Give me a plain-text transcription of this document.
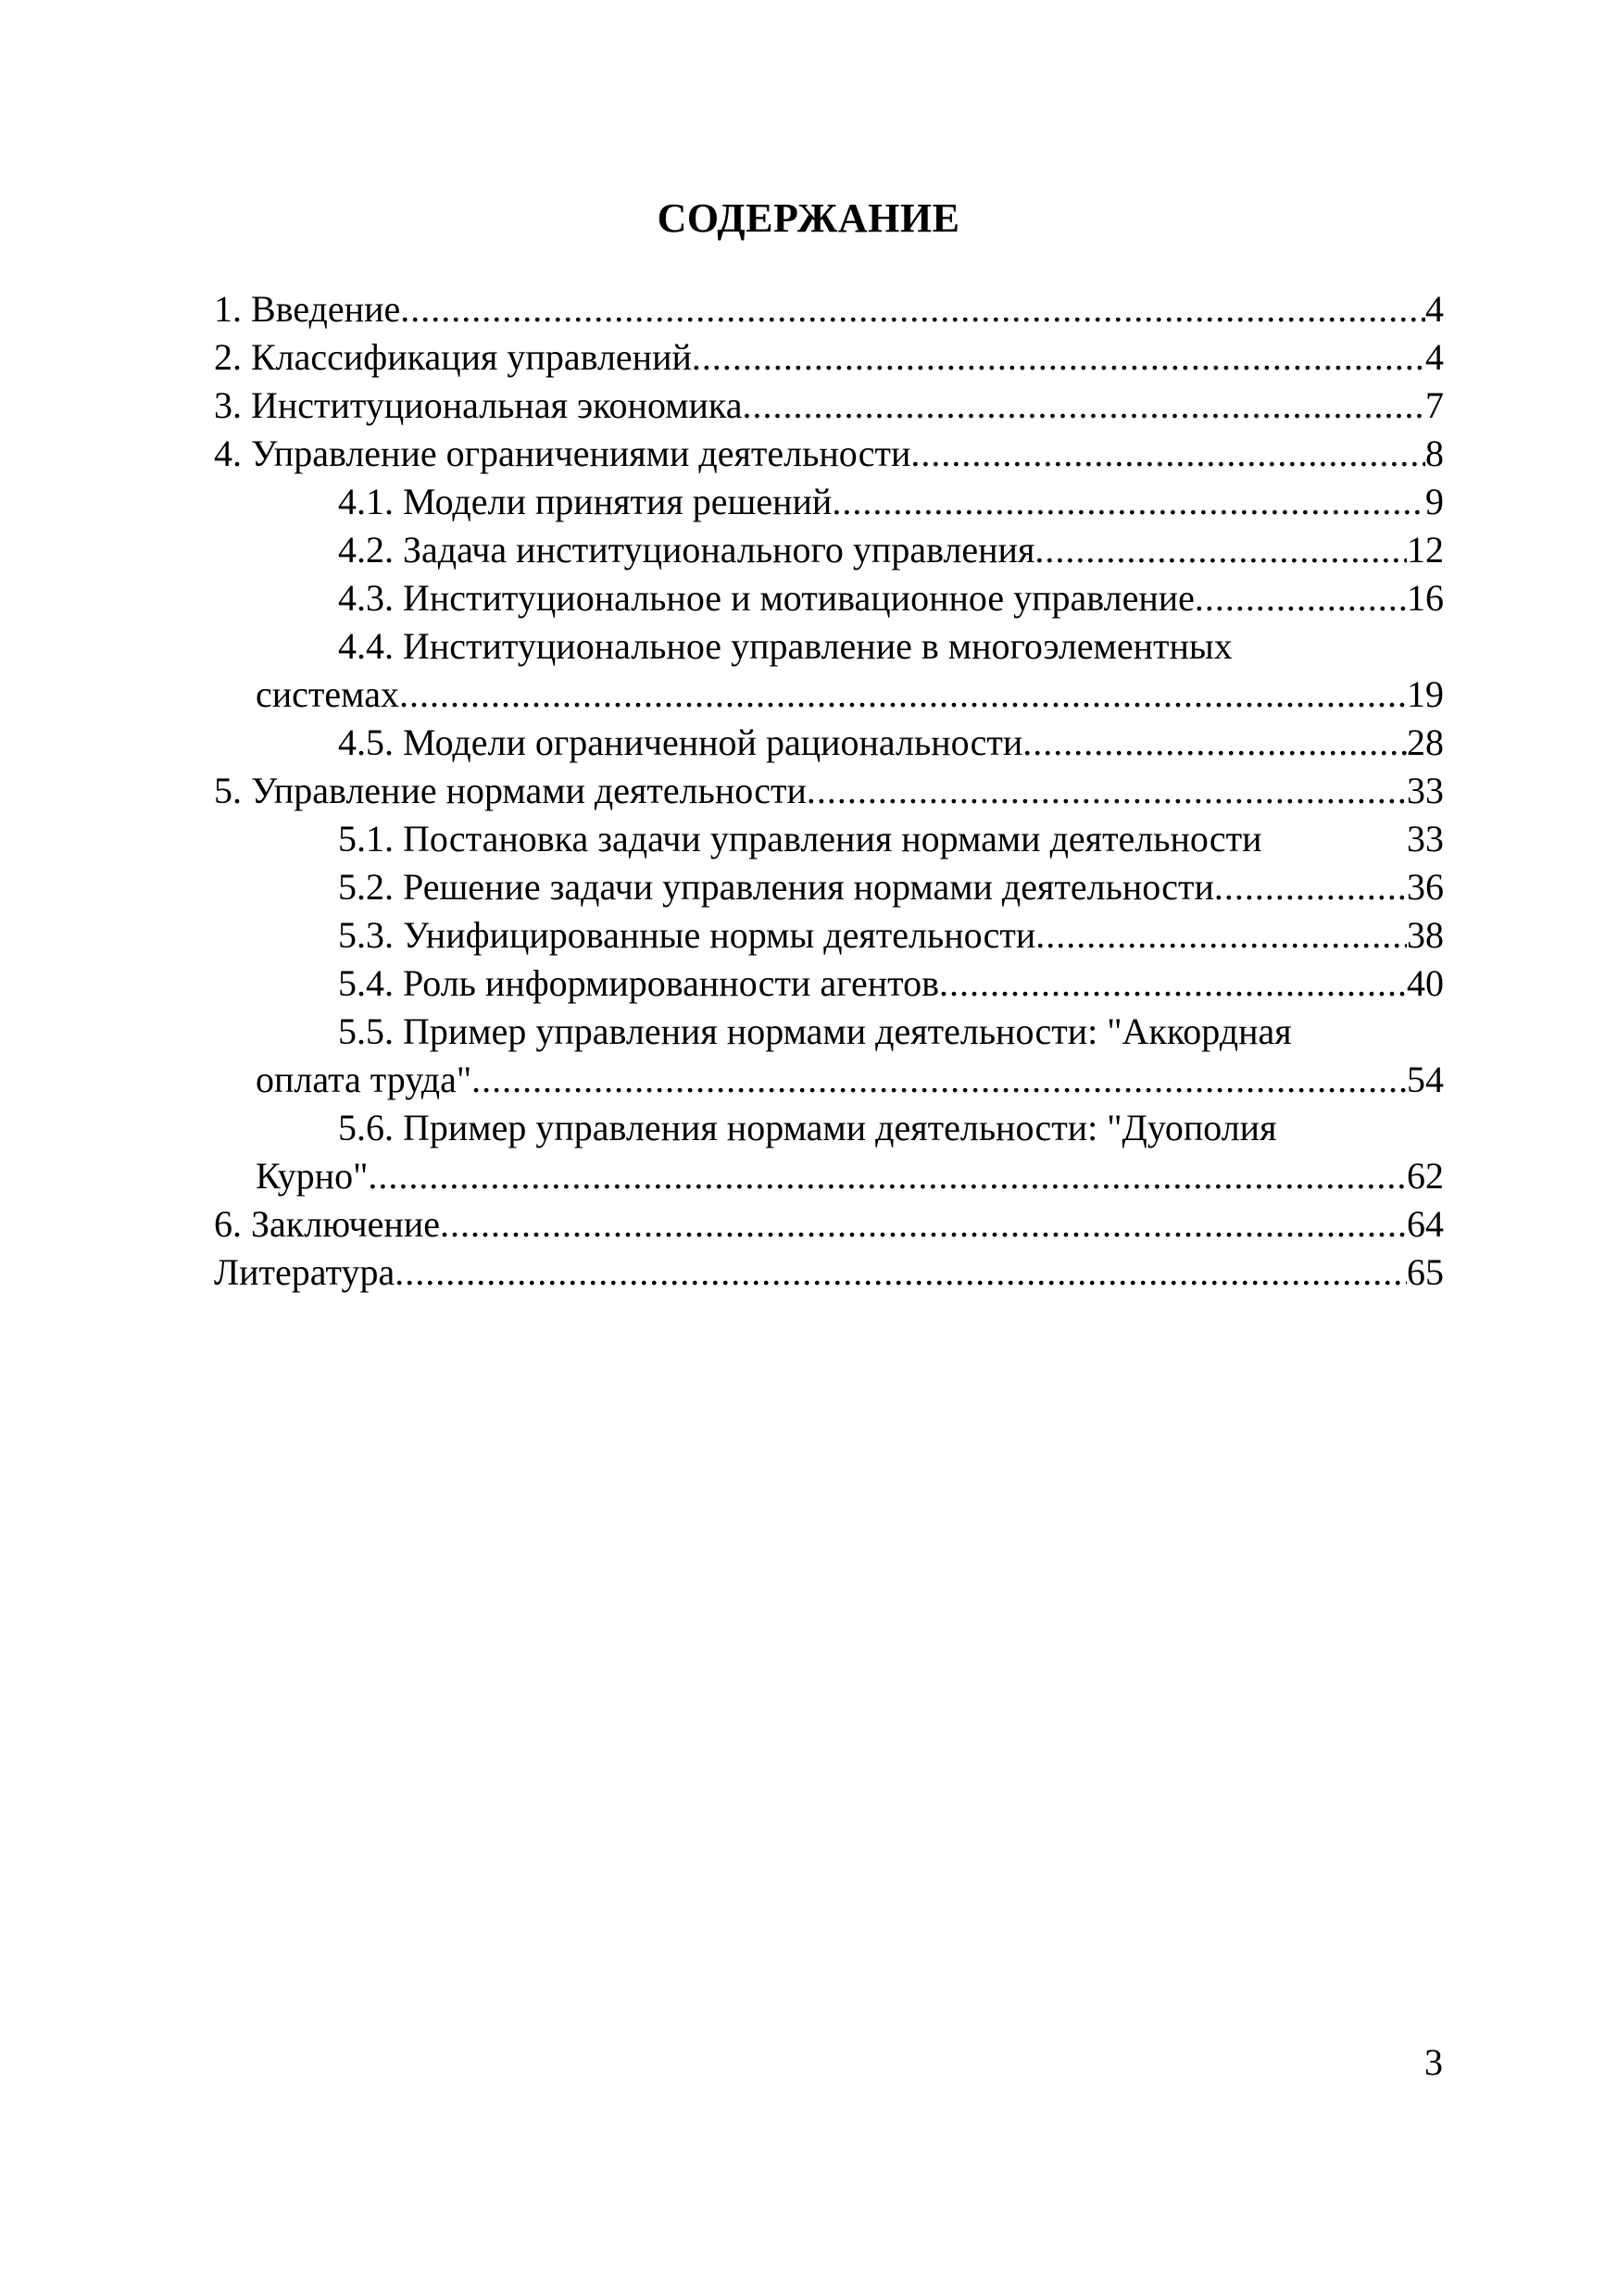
СОДЕРЖАНИЕ
1. Введение .....	4
2. Классификация управлений .....	4
3. Институциональная экономика .....	7
4. Управление ограничениями деятельности .....	8
4.1. Модели принятия решений .....	9
4.2. Задача институционального управления .....	12
4.3. Институциональное и мотивационное управление .....	16
4.4. Институциональное управление в многоэлементных
системах .....	19
4.5. Модели ограниченной рациональности .....	28
5. Управление нормами деятельности .....	33
5.1. Постановка задачи управления нормами деятельности	33
5.2. Решение задачи управления нормами деятельности .....	36
5.3. Унифицированные нормы деятельности .....	38
5.4. Роль информированности агентов .....	40
5.5. Пример управления нормами деятельности: "Аккордная
оплата труда" .....	54
5.6. Пример управления нормами деятельности: "Дуополия
Курно" .....	62
6. Заключение .....	64
Литература .....	65
3
